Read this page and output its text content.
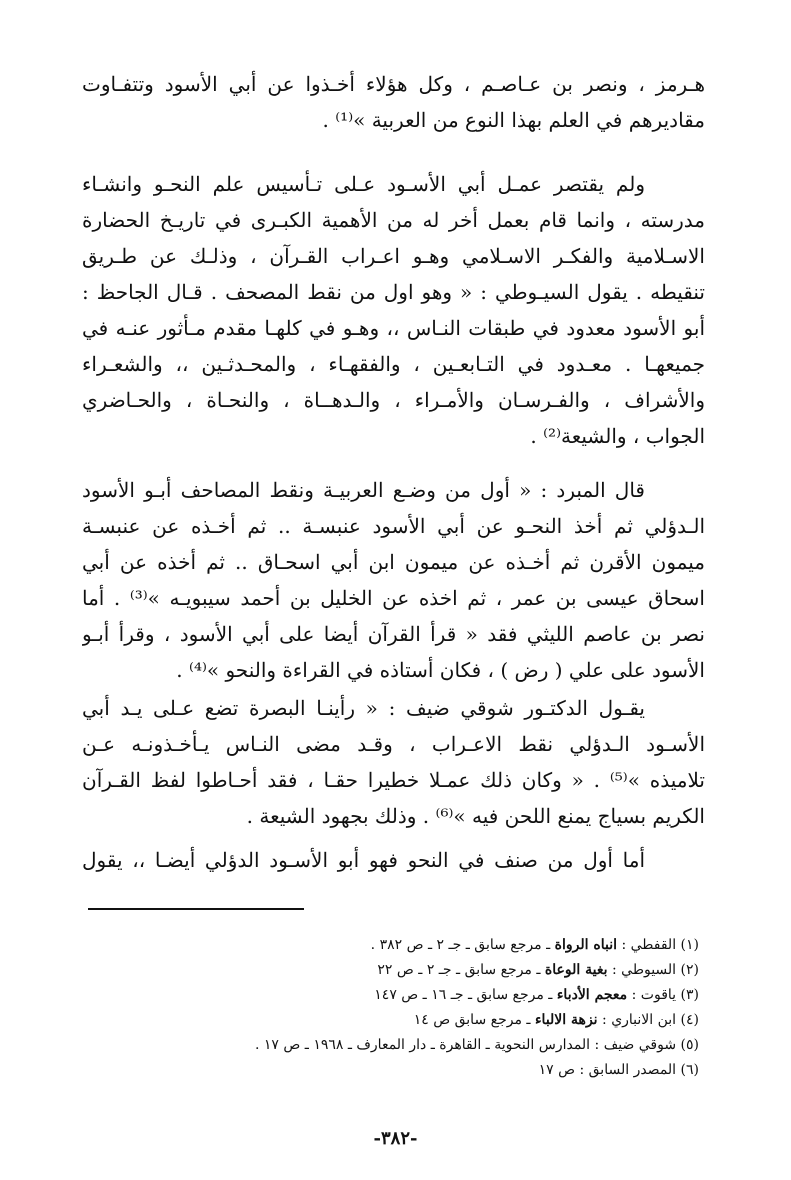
هـرمز ، ونصر بن عـاصـم ، وكل هؤلاء أخـذوا عن أبي الأسود وتتفـاوت
مقاديرهم في العلم بهذا النوع من العربية »⁽¹⁾ .
ولم يقتصر عمـل أبي الأسـود عـلى تـأسيس علم النحـو وانشـاء
مدرسته ، وانما قام بعمل أخر له من الأهمية الكبـرى في تاريـخ الحضارة
الاسـلامية والفكـر الاسـلامي وهـو اعـراب القـرآن ، وذلـك عن طـريق
تنقيطه . يقول السيـوطي : « وهو اول من نقط المصحف . قـال الجاحظ :
أبو الأسود معدود في طبقات النـاس ،، وهـو في كلهـا مقدم مـأثور عنـه في
جميعهـا . معـدود في التـابعـين ، والفقهـاء ، والمحـدثـين ،، والشعـراء
والأشراف ، والفـرسـان والأمـراء ، والـدهــاة ، والنحـاة ، والحـاضري
الجواب ، والشيعة⁽²⁾ .
قال المبرد : « أول من وضـع العربيـة ونقط المصاحف أبـو الأسود
الـدؤلي ثم أخذ النحـو عن أبي الأسود عنبسـة .. ثم أخـذه عن عنبسـة
ميمون الأقرن ثم أخـذه عن ميمون ابن أبي اسحـاق .. ثم أخذه عن أبي
اسحاق عيسى بن عمر ، ثم اخذه عن الخليل بن أحمد سيبويـه »⁽³⁾ . أما
نصر بن عاصم الليثي فقد « قرأ القرآن أيضا على أبي الأسود ، وقرأ أبـو
الأسود على علي ( رض ) ، فكان أستاذه في القراءة والنحو »⁽⁴⁾ .
يقـول الدكتـور شوقي ضيف : « رأينـا البصرة تضع عـلى يـد أبي
الأسـود الـدؤلي نقط الاعـراب ، وقـد مضى النـاس يـأخـذونـه عـن
تلاميذه »⁽⁵⁾ . « وكان ذلك عمـلا خطيرا حقـا ، فقد أحـاطوا لفظ القـرآن
الكريم بسياج يمنع اللحن فيه »⁽⁶⁾ . وذلك بجهود الشيعة .
أما أول من صنف في النحو فهو أبو الأسـود الدؤلي أيضـا ،، يقول
(١) القفطي : انباه الرواة ـ مرجع سابق ـ جـ ٢ ـ ص ٣٨٢ .
(٢) السيوطي : بغية الوعاة ـ مرجع سابق ـ جـ ٢ ـ ص ٢٢
(٣) ياقوت : معجم الأدباء ـ مرجع سابق ـ جـ ١٦ ـ ص ١٤٧
(٤) ابن الانباري : نزهة الالباء ـ مرجع سابق ص ١٤
(٥) شوقي ضيف : المدارس النحوية ـ القاهرة ـ دار المعارف ـ ١٩٦٨ ـ ص ١٧ .
(٦) المصدر السابق : ص ١٧
-٣٨٢-
